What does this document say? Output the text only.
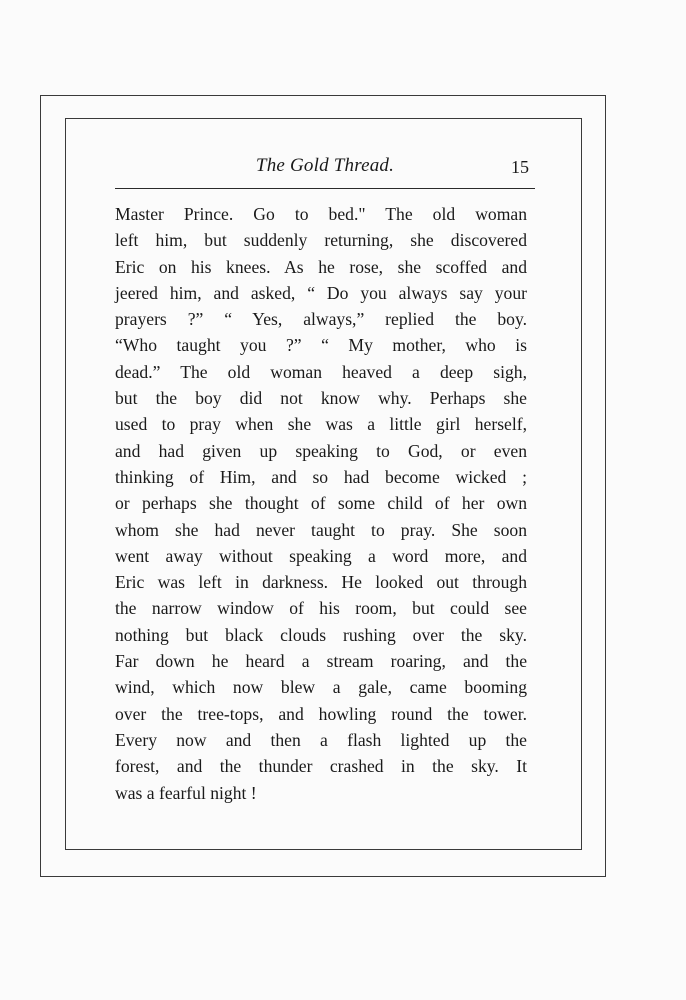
The Gold Thread.	15
Master Prince. Go to bed." The old woman
left him, but suddenly returning, she discovered
Eric on his knees. As he rose, she scoffed and
jeered him, and asked, “ Do you always say your
prayers ?” “ Yes, always,” replied the boy.
“Who taught you ?” “ My mother, who is
dead.” The old woman heaved a deep sigh,
but the boy did not know why. Perhaps she
used to pray when she was a little girl herself,
and had given up speaking to God, or even
thinking of Him, and so had become wicked ;
or perhaps she thought of some child of her own
whom she had never taught to pray. She soon
went away without speaking a word more, and
Eric was left in darkness. He looked out through
the narrow window of his room, but could see
nothing but black clouds rushing over the sky.
Far down he heard a stream roaring, and the
wind, which now blew a gale, came booming
over the tree-tops, and howling round the tower.
Every now and then a flash lighted up the
forest, and the thunder crashed in the sky. It
was a fearful night !
